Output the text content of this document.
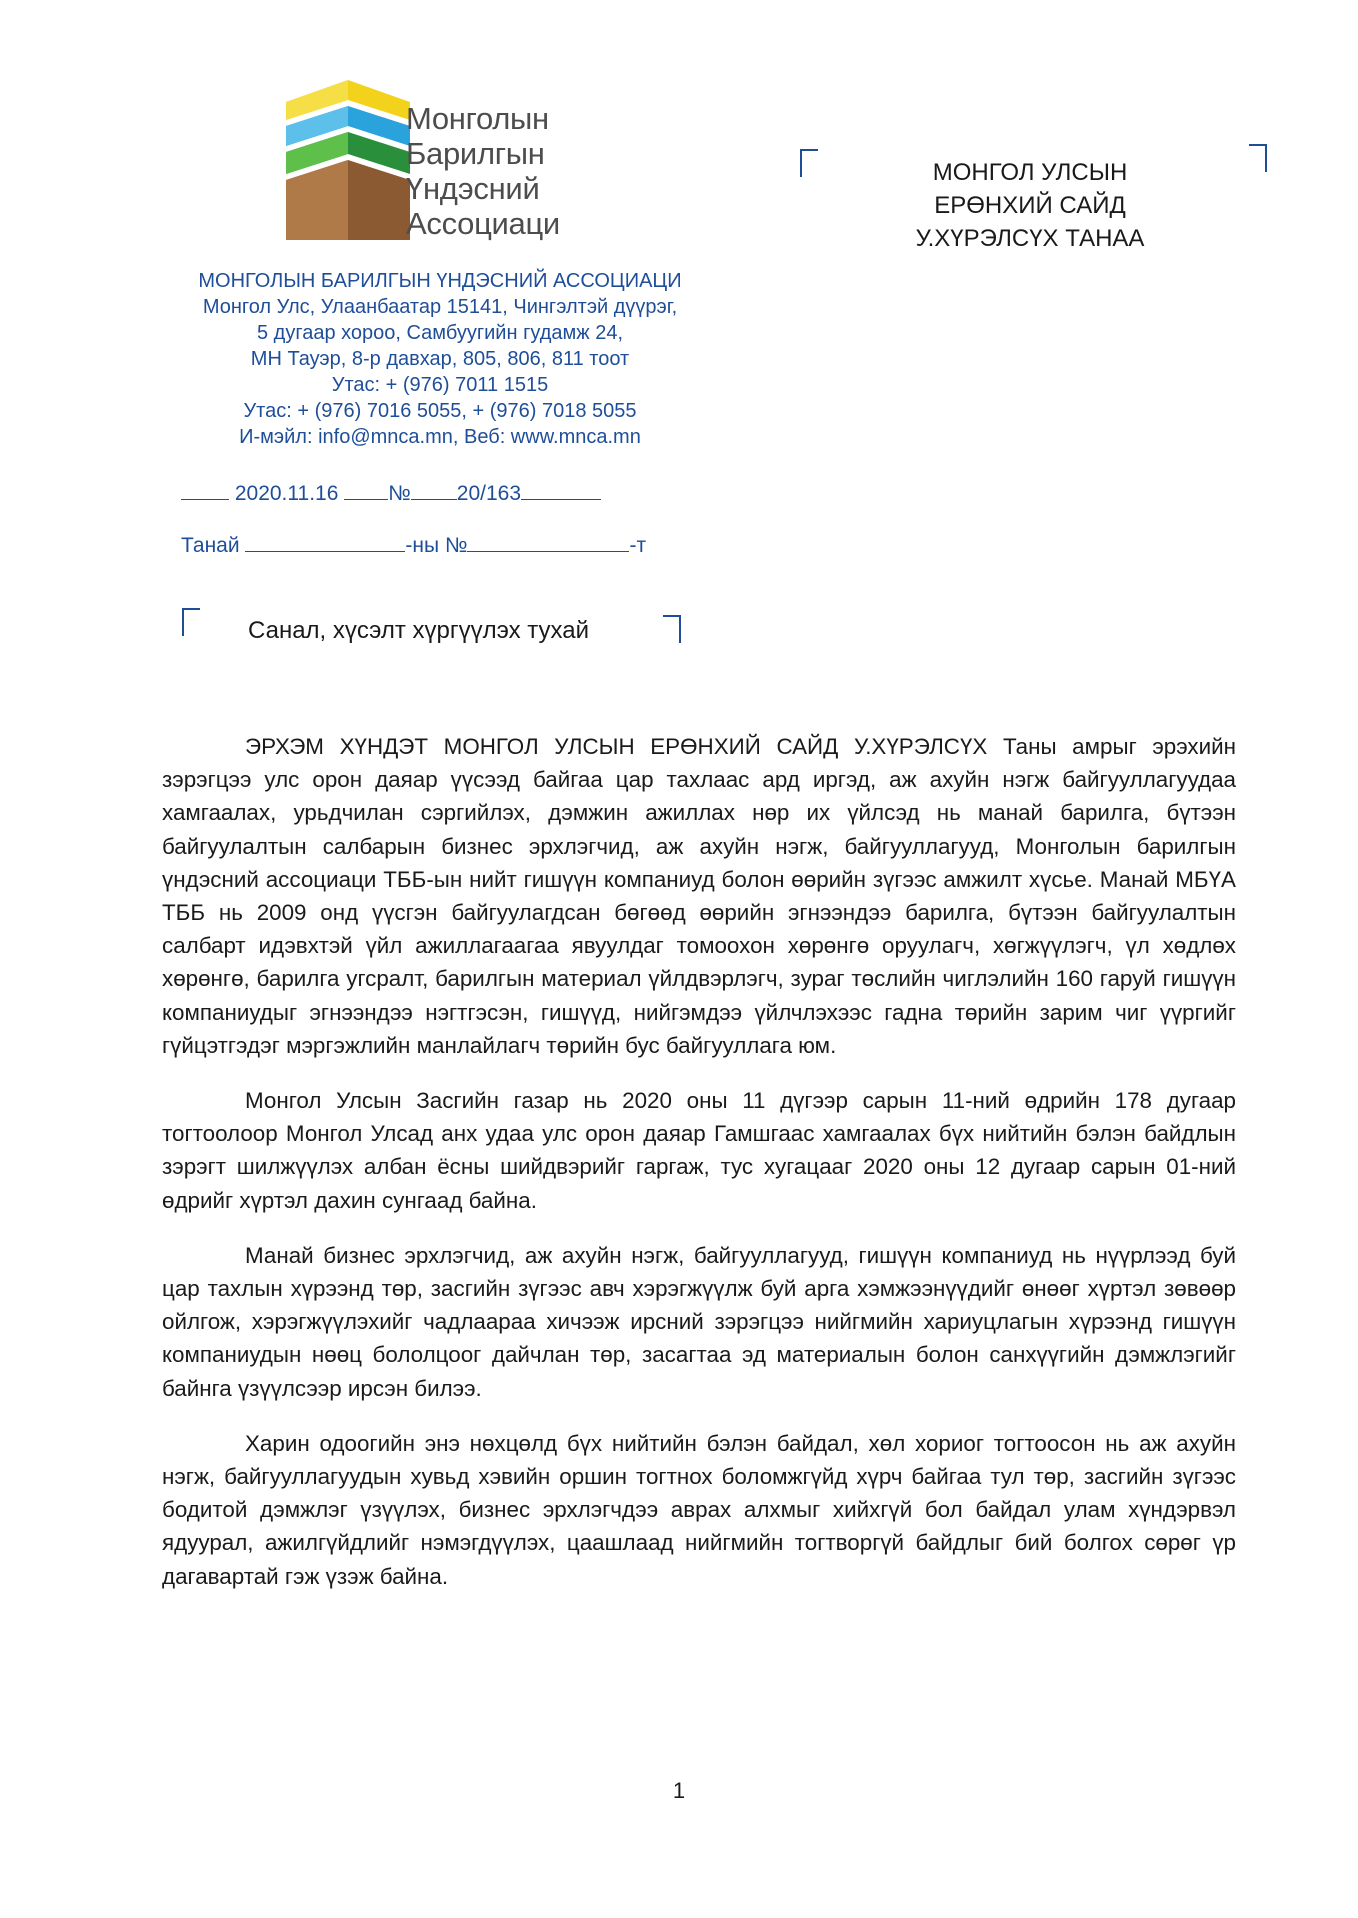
Монголын
Барилгын
Үндэсний
Ассоциаци
МОНГОЛЫН БАРИЛГЫН ҮНДЭСНИЙ АССОЦИАЦИ
Монгол Улс, Улаанбаатар 15141, Чингэлтэй дүүрэг,
5 дугаар хороо, Самбуугийн гудамж 24,
МН Тауэр, 8-р давхар, 805, 806, 811 тоот
Утас: + (976) 7011 1515
Утас: + (976) 7016 5055, + (976) 7018 5055
И-мэйл: info@mnca.mn, Веб: www.mnca.mn
2020.11.16 № 20/163
Танай	-ны №	-т
МОНГОЛ УЛСЫН
ЕРӨНХИЙ САЙД
У.ХҮРЭЛСҮХ ТАНАА
Санал, хүсэлт хүргүүлэх тухай

ЭРХЭМ ХҮНДЭТ МОНГОЛ УЛСЫН ЕРӨНХИЙ САЙД У.ХҮРЭЛСҮХ Таны амрыг эрэхийн зэрэгцээ улс орон даяар үүсээд байгаа цар тахлаас ард иргэд, аж ахуйн нэгж байгууллагуудаа хамгаалах, урьдчилан сэргийлэх, дэмжин ажиллах нөр их үйлсэд нь манай барилга, бүтээн байгуулалтын салбарын бизнес эрхлэгчид, аж ахуйн нэгж, байгууллагууд, Монголын барилгын үндэсний ассоциаци ТББ-ын нийт гишүүн компаниуд болон өөрийн зүгээс амжилт хүсье. Манай МБҮА ТББ нь 2009 онд үүсгэн байгуулагдсан бөгөөд өөрийн эгнээндээ барилга, бүтээн байгуулалтын салбарт идэвхтэй үйл ажиллагаагаа явуулдаг томоохон хөрөнгө оруулагч, хөгжүүлэгч, үл хөдлөх хөрөнгө, барилга угсралт, барилгын материал үйлдвэрлэгч, зураг төслийн чиглэлийн 160 гаруй гишүүн компаниудыг эгнээндээ нэгтгэсэн, гишүүд, нийгэмдээ үйлчлэхээс гадна төрийн зарим чиг үүргийг гүйцэтгэдэг мэргэжлийн манлайлагч төрийн бус байгууллага юм.

Монгол Улсын Засгийн газар нь 2020 оны 11 дүгээр сарын 11-ний өдрийн 178 дугаар тогтоолоор Монгол Улсад анх удаа улс орон даяар Гамшгаас хамгаалах бүх нийтийн бэлэн байдлын зэрэгт шилжүүлэх албан ёсны шийдвэрийг гаргаж, тус хугацааг 2020 оны 12 дугаар сарын 01-ний өдрийг хүртэл дахин сунгаад байна.

Манай бизнес эрхлэгчид, аж ахуйн нэгж, байгууллагууд, гишүүн компаниуд нь нүүрлээд буй цар тахлын хүрээнд төр, засгийн зүгээс авч хэрэгжүүлж буй арга хэмжээнүүдийг өнөөг хүртэл зөвөөр ойлгож, хэрэгжүүлэхийг чадлаараа хичээж ирсний зэрэгцээ нийгмийн хариуцлагын хүрээнд гишүүн компаниудын нөөц бололцоог дайчлан төр, засагтаа эд материалын болон санхүүгийн дэмжлэгийг байнга үзүүлсээр ирсэн билээ.

Харин одоогийн энэ нөхцөлд бүх нийтийн бэлэн байдал, хөл хориог тогтоосон нь аж ахуйн нэгж, байгууллагуудын хувьд хэвийн оршин тогтнох боломжгүйд хүрч байгаа тул төр, засгийн зүгээс бодитой дэмжлэг үзүүлэх, бизнес эрхлэгчдээ аврах алхмыг хийхгүй бол байдал улам хүндэрвэл ядуурал, ажилгүйдлийг нэмэгдүүлэх, цаашлаад нийгмийн тогтворгүй байдлыг бий болгох сөрөг үр дагавартай гэж үзэж байна.

1
